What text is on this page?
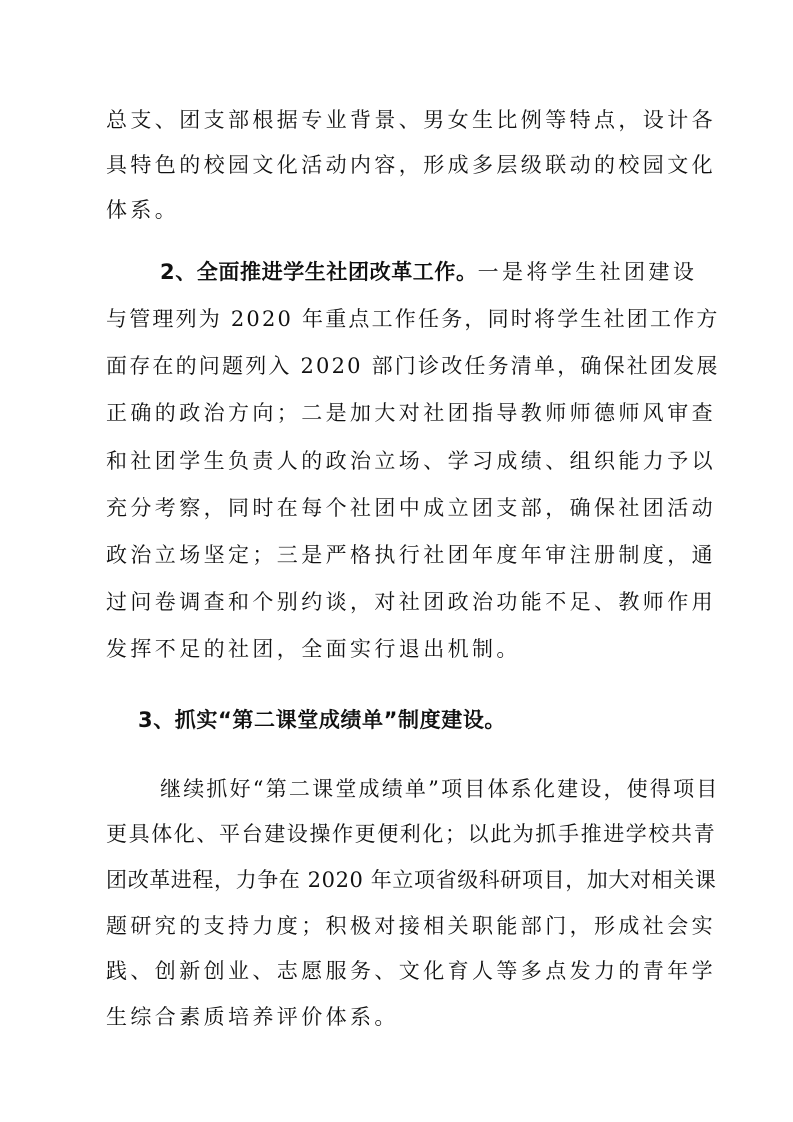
总支、团支部根据专业背景、男女生比例等特点，设计各
具特色的校园文化活动内容，形成多层级联动的校园文化
体系。
2、全面推进学生社团改革工作。一是将学生社团建设
与管理列为 2020 年重点工作任务，同时将学生社团工作方
面存在的问题列入 2020 部门诊改任务清单，确保社团发展
正确的政治方向；二是加大对社团指导教师师德师风审查
和社团学生负责人的政治立场、学习成绩、组织能力予以
充分考察，同时在每个社团中成立团支部，确保社团活动
政治立场坚定；三是严格执行社团年度年审注册制度，通
过问卷调查和个别约谈，对社团政治功能不足、教师作用
发挥不足的社团，全面实行退出机制。
3、抓实“第二课堂成绩单”制度建设。
继续抓好“第二课堂成绩单”项目体系化建设，使得项目
更具体化、平台建设操作更便利化；以此为抓手推进学校共青
团改革进程，力争在 2020 年立项省级科研项目，加大对相关课
题研究的支持力度；积极对接相关职能部门，形成社会实
践、创新创业、志愿服务、文化育人等多点发力的青年学
生综合素质培养评价体系。
